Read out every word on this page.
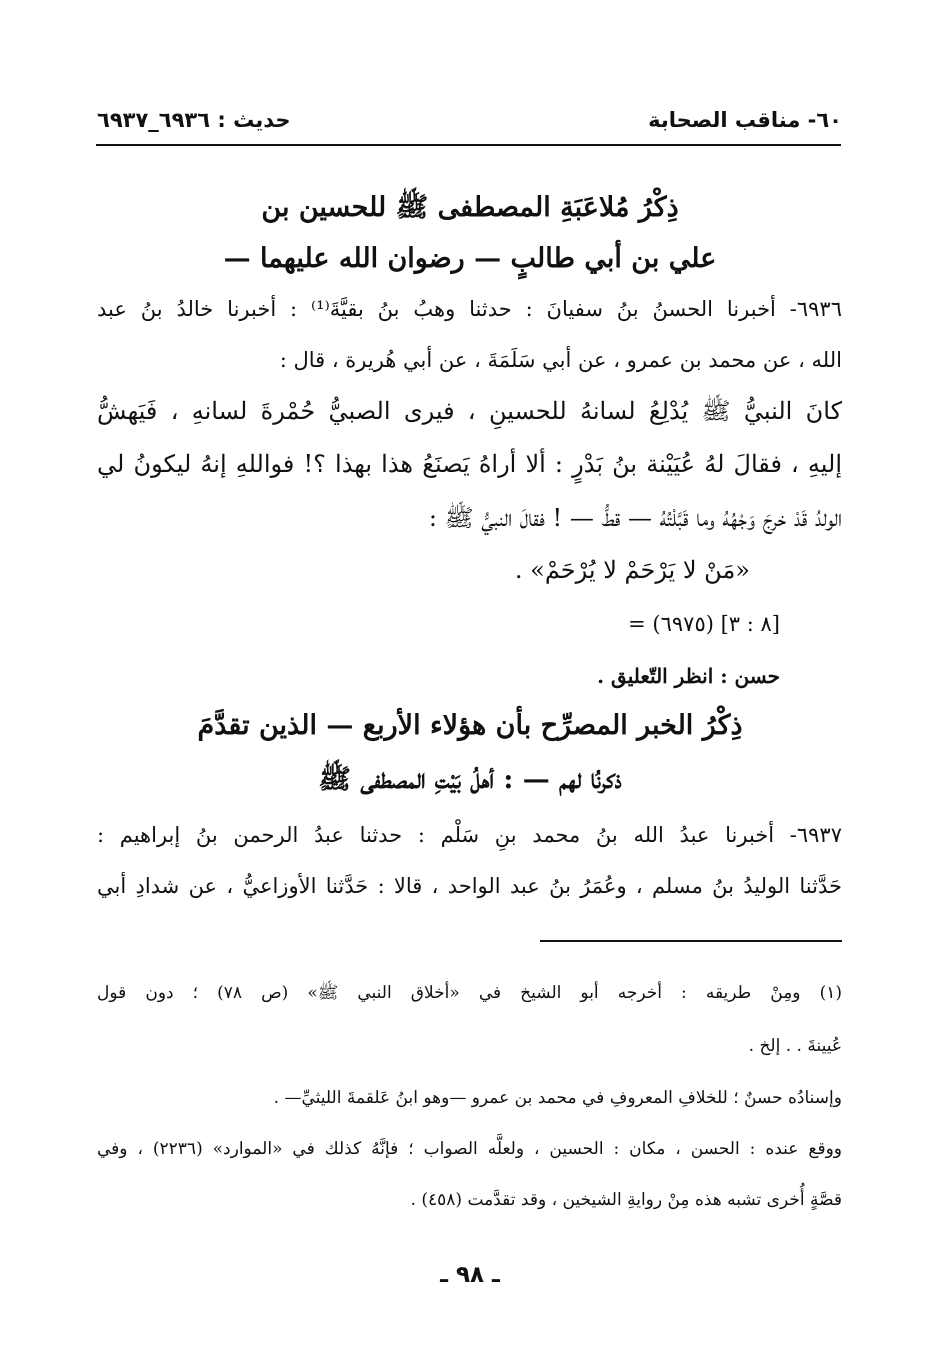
٦٠- مناقب الصحابة
حديث : ٦٩٣٦_٦٩٣٧
ذِكْرُ مُلاعَبَةِ المصطفى ﷺ للحسين بن
علي بن أبي طالبٍ — رضوان الله عليهما —
٦٩٣٦- أخبرنا الحسنُ بنُ سفيانَ : حدثنا وهبُ بنُ بقيَّةَ⁽¹⁾ : أخبرنا خالدُ بنُ عبد
الله ، عن محمد بن عمرو ، عن أبي سَلَمَةَ ، عن أبي هُريرة ، قال :
كانَ النبيُّ ﷺ يُدْلِعُ لسانهُ للحسينِ ، فيرى الصبيُّ حُمْرةَ لسانهِ ، فَيَهشُّ
إليهِ ، فقالَ لهُ عُيَيْنة بنُ بَدْرٍ : ألا أراهُ يَصنَعُ هذا بهذا ؟! فواللهِ إنهُ ليكونُ لي
الولدُ قَدْ خرجَ وَجْهُهُ وما قَبَّلْتُهُ — قطُّ — ! فقالَ النبيُّ ﷺ :
«مَنْ لا يَرْحَمْ لا يُرْحَمْ» .
= (٦٩٧٥) [٨ : ٣]
حسن : انظر التّعليق .
ذِكْرُ الخبر المصرِّح بأن هؤلاء الأربع — الذين تقدَّمَ
ذكرنُا لهم — : أهلُ بَيْتِ المصطفى ﷺ
٦٩٣٧- أخبرنا عبدُ الله بنُ محمد بنِ سَلْم : حدثنا عبدُ الرحمن بنُ إبراهيم :
حَدَّثنا الوليدُ بنُ مسلم ، وعُمَرُ بنُ عبد الواحد ، قالا : حَدَّثنا الأوزاعيُّ ، عن شدادِ أبي
(١) ومِنْ طريقه : أخرجه أبو الشيخ في «أخلاق النبي ﷺ» (ص ٧٨) ؛ دون قول
عُيينةَ . . إلخ .
وإسنادُه حسنٌ ؛ للخلافِ المعروفِ في محمد بن عمرو —وهو ابنُ عَلقمةَ الليثيِّ— .
ووقع عنده : الحسن ، مكان : الحسين ، ولعلَّه الصواب ؛ فإنَّهُ كذلك في «الموارد» (٢٢٣٦) ، وفي
قصَّةٍ أُخرى تشبه هذه مِنْ روايةِ الشيخين ، وقد تقدَّمت (٤٥٨) .
ـ ٩٨ ـ
